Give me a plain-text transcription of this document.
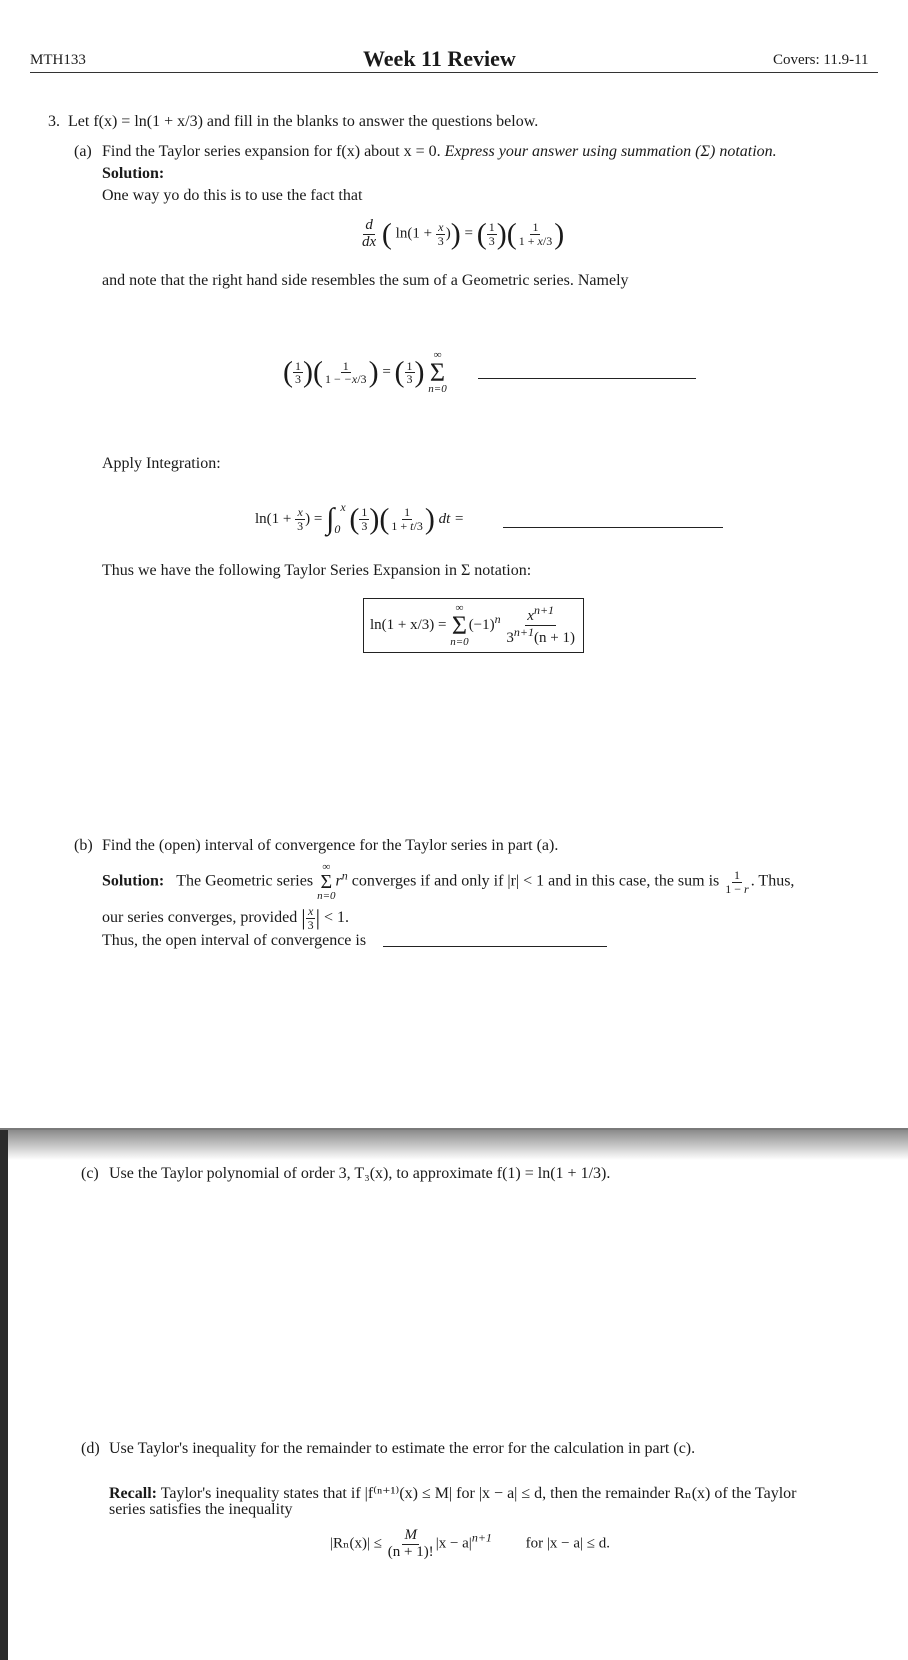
MTH133	Week 11 Review	Covers: 11.9-11
3. Let f(x) = ln(1 + x/3) and fill in the blanks to answer the questions below.
(a) Find the Taylor series expansion for f(x) about x = 0. Express your answer using summation (Σ) notation.
Solution:
One way yo do this is to use the fact that
$\frac{d}{dx}$ ( $\ln(1 + \frac{x}{3}$ )) = ( $\frac{1}{3}$ )( $\frac{1}{1 + x/3}$ )
and note that the right hand side resembles the sum of a Geometric series. Namely
( $\frac{1}{3}$ )( $\frac{1}{1 - -x/3}$ ) = ( $\frac{1}{3}$ )
∞
Σ
n=0
Apply Integration:
$\ln(1 + \frac{x}{3}$ ) = $\int_0^x$ ( $\frac{1}{3}$ )( $\frac{1}{1 + t/3}$ ) dt =
Thus we have the following Taylor Series Expansion in Σ notation:
ln(1 + x/3) =
∞
Σ
n=0
$(-1)^n \frac{x^{n+1}}{3^{n+1}(n + 1)}$
(b) Find the (open) interval of convergence for the Taylor series in part (a).
Solution: The Geometric series
∞
Σ
n=0
$r^n$ converges if and only if |r| < 1 and in this case, the sum is $\frac{1}{1 - r}$ . Thus,
our series converges, provided | $\frac{x}{3}$ | < 1.
Thus, the open interval of convergence is
(c) Use the Taylor polynomial of order 3, T₃(x), to approximate f(1) = ln(1 + 1/3).
(d) Use Taylor's inequality for the remainder to estimate the error for the calculation in part (c).
Recall: Taylor's inequality states that if |f⁽ⁿ⁺¹⁾(x) ≤ M| for |x − a| ≤ d, then the remainder Rₙ(x) of the Taylor
series satisfies the inequality
$|R_n(x)| \le \frac{M}{(n + 1)!} |x - a|^{n+1}$ for |x − a| ≤ d.
